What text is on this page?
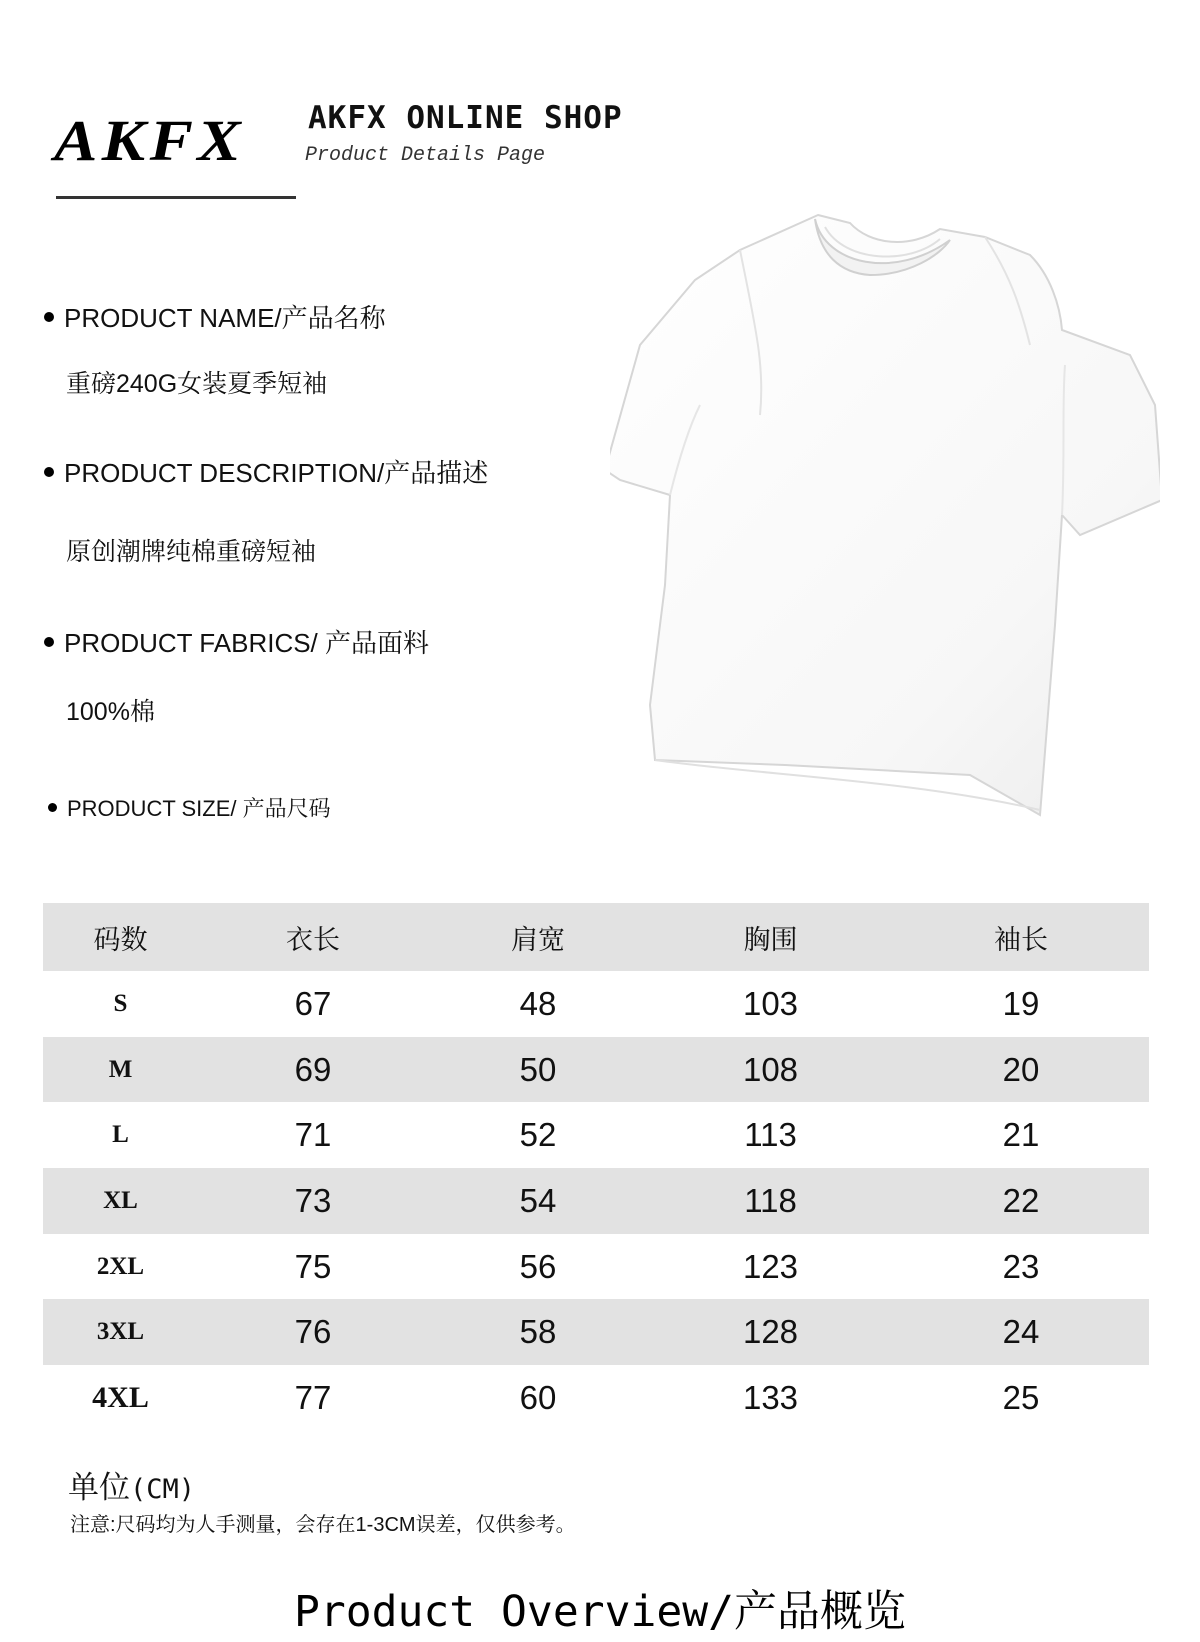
AKFX AKFX ONLINE SHOP
Product Details Page
PRODUCT NAME/产品名称
重磅240G女装夏季短袖
PRODUCT DESCRIPTION/产品描述
原创潮牌纯棉重磅短袖
PRODUCT FABRICS/ 产品面料
100%棉
PRODUCT SIZE/ 产品尺码
码数	衣长	肩宽	胸围	袖长
S	67	48	103	19
M	69	50	108	20
L	71	52	113	21
XL	73	54	118	22
2XL	75	56	123	23
3XL	76	58	128	24
4XL	77	60	133	25
单位(CM)
注意:尺码均为人手测量，会存在1-3CM误差，仅供参考。
Product Overview/产品概览
